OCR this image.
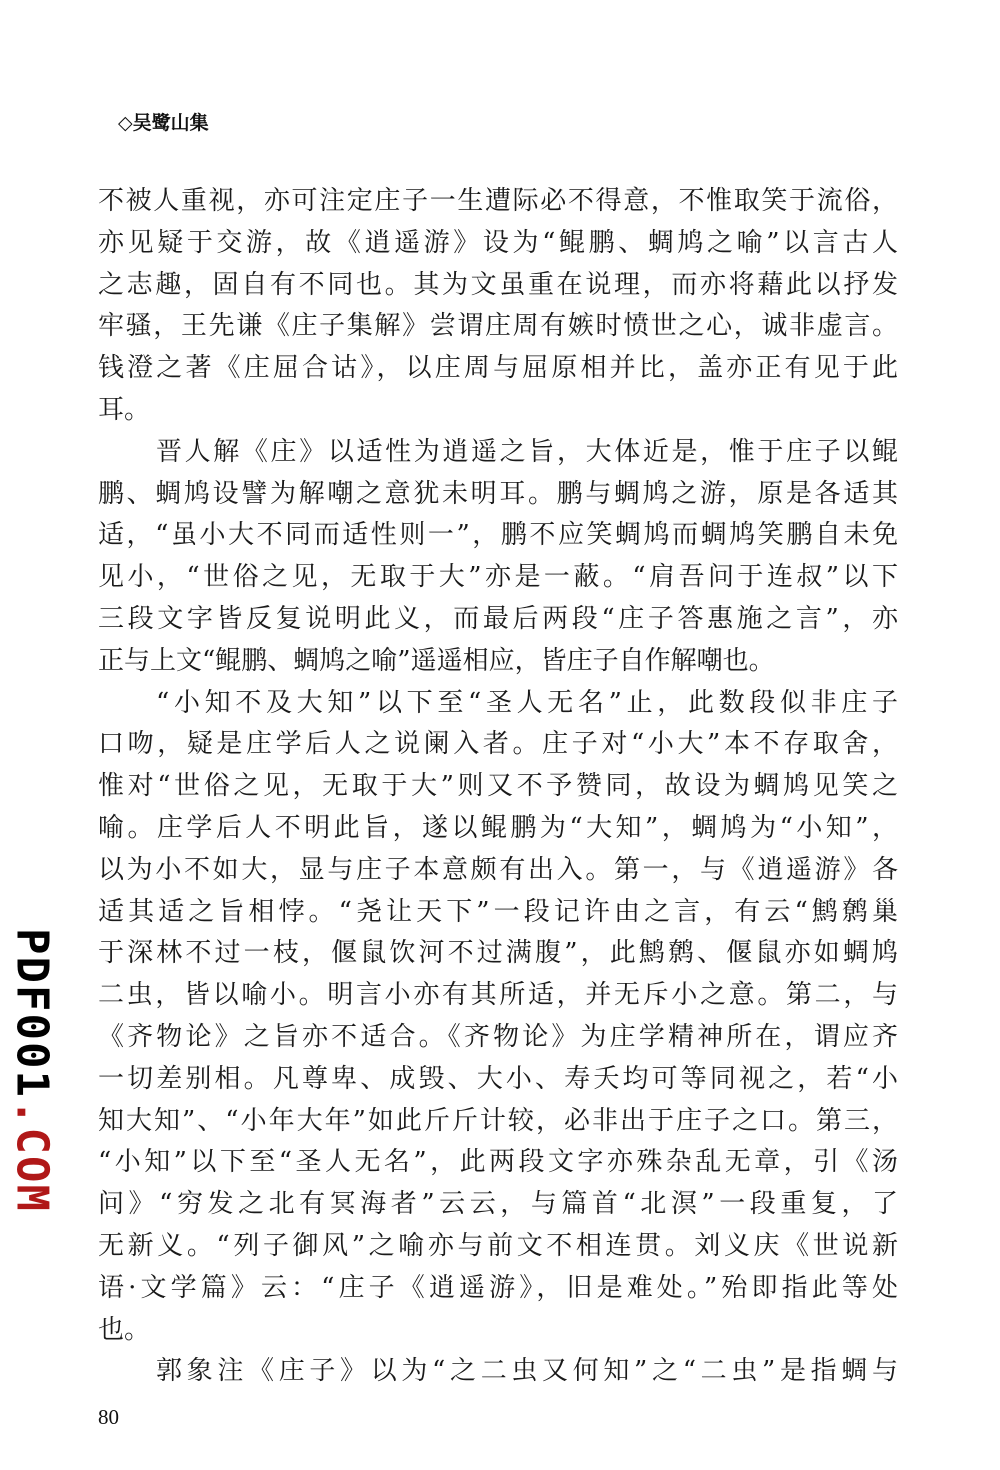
◇吴鹭山集
不被人重视，亦可注定庄子一生遭际必不得意，不惟取笑于流俗，
亦见疑于交游，故《逍遥游》设为“鲲鹏、蜩鸠之喻”以言古人
之志趣，固自有不同也。其为文虽重在说理，而亦将藉此以抒发
牢骚，王先谦《庄子集解》尝谓庄周有嫉时愤世之心，诚非虚言。
钱澄之著《庄屈合诂》，以庄周与屈原相并比，盖亦正有见于此
耳。
晋人解《庄》以适性为逍遥之旨，大体近是，惟于庄子以鲲
鹏、蜩鸠设譬为解嘲之意犹未明耳。鹏与蜩鸠之游，原是各适其
适，“虽小大不同而适性则一”，鹏不应笑蜩鸠而蜩鸠笑鹏自未免
见小，“世俗之见，无取于大”亦是一蔽。“肩吾问于连叔”以下
三段文字皆反复说明此义，而最后两段“庄子答惠施之言”，亦
正与上文“鲲鹏、蜩鸠之喻”遥遥相应，皆庄子自作解嘲也。
“小知不及大知”以下至“圣人无名”止，此数段似非庄子
口吻，疑是庄学后人之说阑入者。庄子对“小大”本不存取舍，
惟对“世俗之见，无取于大”则又不予赞同，故设为蜩鸠见笑之
喻。庄学后人不明此旨，遂以鲲鹏为“大知”，蜩鸠为“小知”，
以为小不如大，显与庄子本意颇有出入。第一，与《逍遥游》各
适其适之旨相悖。“尧让天下”一段记许由之言，有云“鹪鹩巢
于深林不过一枝，偃鼠饮河不过满腹”，此鹪鹩、偃鼠亦如蜩鸠
二虫，皆以喻小。明言小亦有其所适，并无斥小之意。第二，与
《齐物论》之旨亦不适合。《齐物论》为庄学精神所在，谓应齐
一切差别相。凡尊卑、成毁、大小、寿夭均可等同视之，若“小
知大知”、“小年大年”如此斤斤计较，必非出于庄子之口。第三，
“小知”以下至“圣人无名”，此两段文字亦殊杂乱无章，引《汤
问》“穷发之北有冥海者”云云，与篇首“北溟”一段重复，了
无新义。“列子御风”之喻亦与前文不相连贯。刘义庆《世说新
语·文学篇》云：“庄子《逍遥游》，旧是难处。”殆即指此等处
也。
郭象注《庄子》以为“之二虫又何知”之“二虫”是指蜩与
80
PDF001.COM
